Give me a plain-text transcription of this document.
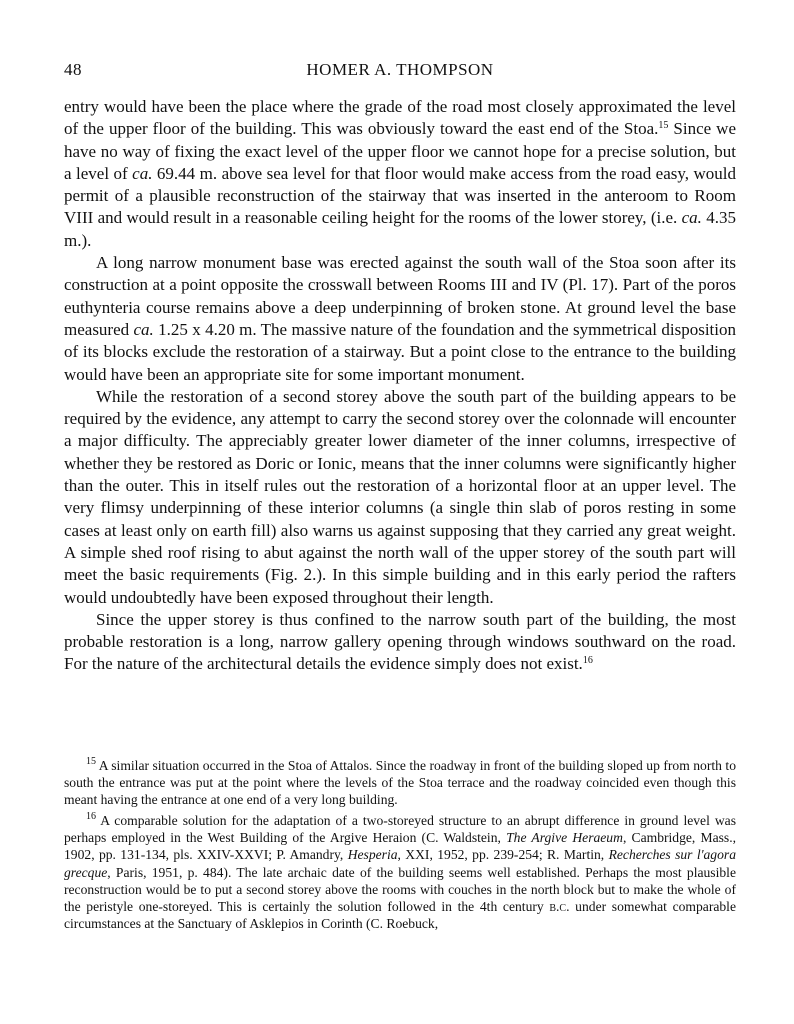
48	HOMER A. THOMPSON

entry would have been the place where the grade of the road most closely approximated the level of the upper floor of the building. This was obviously toward the east end of the Stoa.$^{15}$ Since we have no way of fixing the exact level of the upper floor we cannot hope for a precise solution, but a level of ca. 69.44 m. above sea level for that floor would make access from the road easy, would permit of a plausible reconstruction of the stairway that was inserted in the anteroom to Room VIII and would result in a reasonable ceiling height for the rooms of the lower storey, (i.e. ca. 4.35 m.).

A long narrow monument base was erected against the south wall of the Stoa soon after its construction at a point opposite the crosswall between Rooms III and IV (Pl. 17). Part of the poros euthynteria course remains above a deep underpinning of broken stone. At ground level the base measured ca. 1.25 x 4.20 m. The massive nature of the foundation and the symmetrical disposition of its blocks exclude the restoration of a stairway. But a point close to the entrance to the building would have been an appropriate site for some important monument.

While the restoration of a second storey above the south part of the building appears to be required by the evidence, any attempt to carry the second storey over the colonnade will encounter a major difficulty. The appreciably greater lower diameter of the inner columns, irrespective of whether they be restored as Doric or Ionic, means that the inner columns were significantly higher than the outer. This in itself rules out the restoration of a horizontal floor at an upper level. The very flimsy underpinning of these interior columns (a single thin slab of poros resting in some cases at least only on earth fill) also warns us against supposing that they carried any great weight. A simple shed roof rising to abut against the north wall of the upper storey of the south part will meet the basic requirements (Fig. 2.). In this simple building and in this early period the rafters would undoubtedly have been exposed throughout their length.

Since the upper storey is thus confined to the narrow south part of the building, the most probable restoration is a long, narrow gallery opening through windows southward on the road. For the nature of the architectural details the evidence simply does not exist.$^{16}$

$^{15}$ A similar situation occurred in the Stoa of Attalos. Since the roadway in front of the building sloped up from north to south the entrance was put at the point where the levels of the Stoa terrace and the roadway coincided even though this meant having the entrance at one end of a very long building.

$^{16}$ A comparable solution for the adaptation of a two-storeyed structure to an abrupt difference in ground level was perhaps employed in the West Building of the Argive Heraion (C. Waldstein, The Argive Heraeum, Cambridge, Mass., 1902, pp. 131-134, pls. XXIV-XXVI; P. Amandry, Hesperia, XXI, 1952, pp. 239-254; R. Martin, Recherches sur l'agora grecque, Paris, 1951, p. 484). The late archaic date of the building seems well established. Perhaps the most plausible reconstruction would be to put a second storey above the rooms with couches in the north block but to make the whole of the peristyle one-storeyed. This is certainly the solution followed in the 4th century b.c. under somewhat comparable circumstances at the Sanctuary of Asklepios in Corinth (C. Roebuck,
